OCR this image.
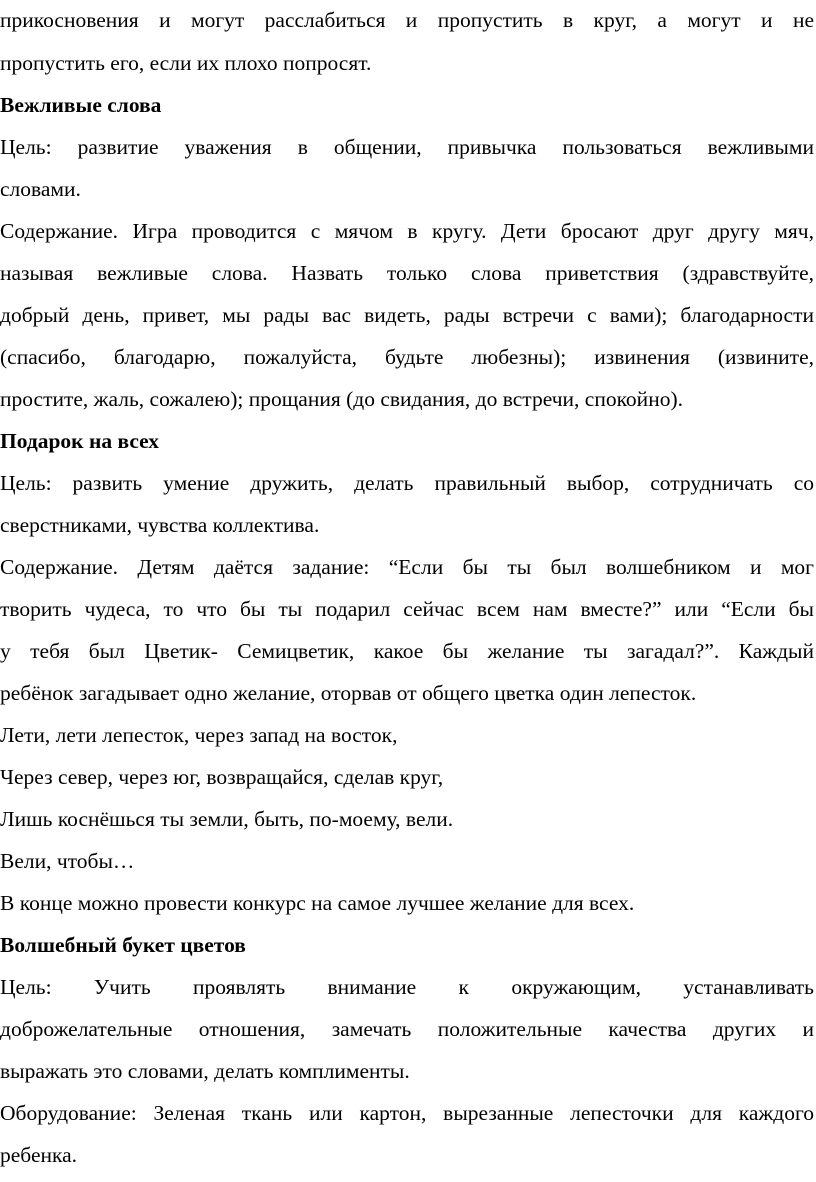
прикосновения и могут расслабиться и пропустить в круг, а могут и не
пропустить его, если их плохо попросят.
Вежливые слова
Цель: развитие уважения в общении, привычка пользоваться вежливыми
словами.
Содержание. Игра проводится с мячом в кругу. Дети бросают друг другу мяч,
называя вежливые слова. Назвать только слова приветствия (здравствуйте,
добрый день, привет, мы рады вас видеть, рады встречи с вами); благодарности
(спасибо, благодарю, пожалуйста, будьте любезны); извинения (извините,
простите, жаль, сожалею); прощания (до свидания, до встречи, спокойно).
Подарок на всех
Цель: развить умение дружить, делать правильный выбор, сотрудничать со
сверстниками, чувства коллектива.
Содержание. Детям даётся задание: “Если бы ты был волшебником и мог
творить чудеса, то что бы ты подарил сейчас всем нам вместе?” или “Если бы
у тебя был Цветик- Семицветик, какое бы желание ты загадал?”. Каждый
ребёнок загадывает одно желание, оторвав от общего цветка один лепесток.
Лети, лети лепесток, через запад на восток,
Через север, через юг, возвращайся, сделав круг,
Лишь коснёшься ты земли, быть, по-моему, вели.
Вели, чтобы…
В конце можно провести конкурс на самое лучшее желание для всех.
Волшебный букет цветов
Цель: Учить проявлять внимание к окружающим, устанавливать
доброжелательные отношения, замечать положительные качества других и
выражать это словами, делать комплименты.
Оборудование: Зеленая ткань или картон, вырезанные лепесточки для каждого
ребенка.
